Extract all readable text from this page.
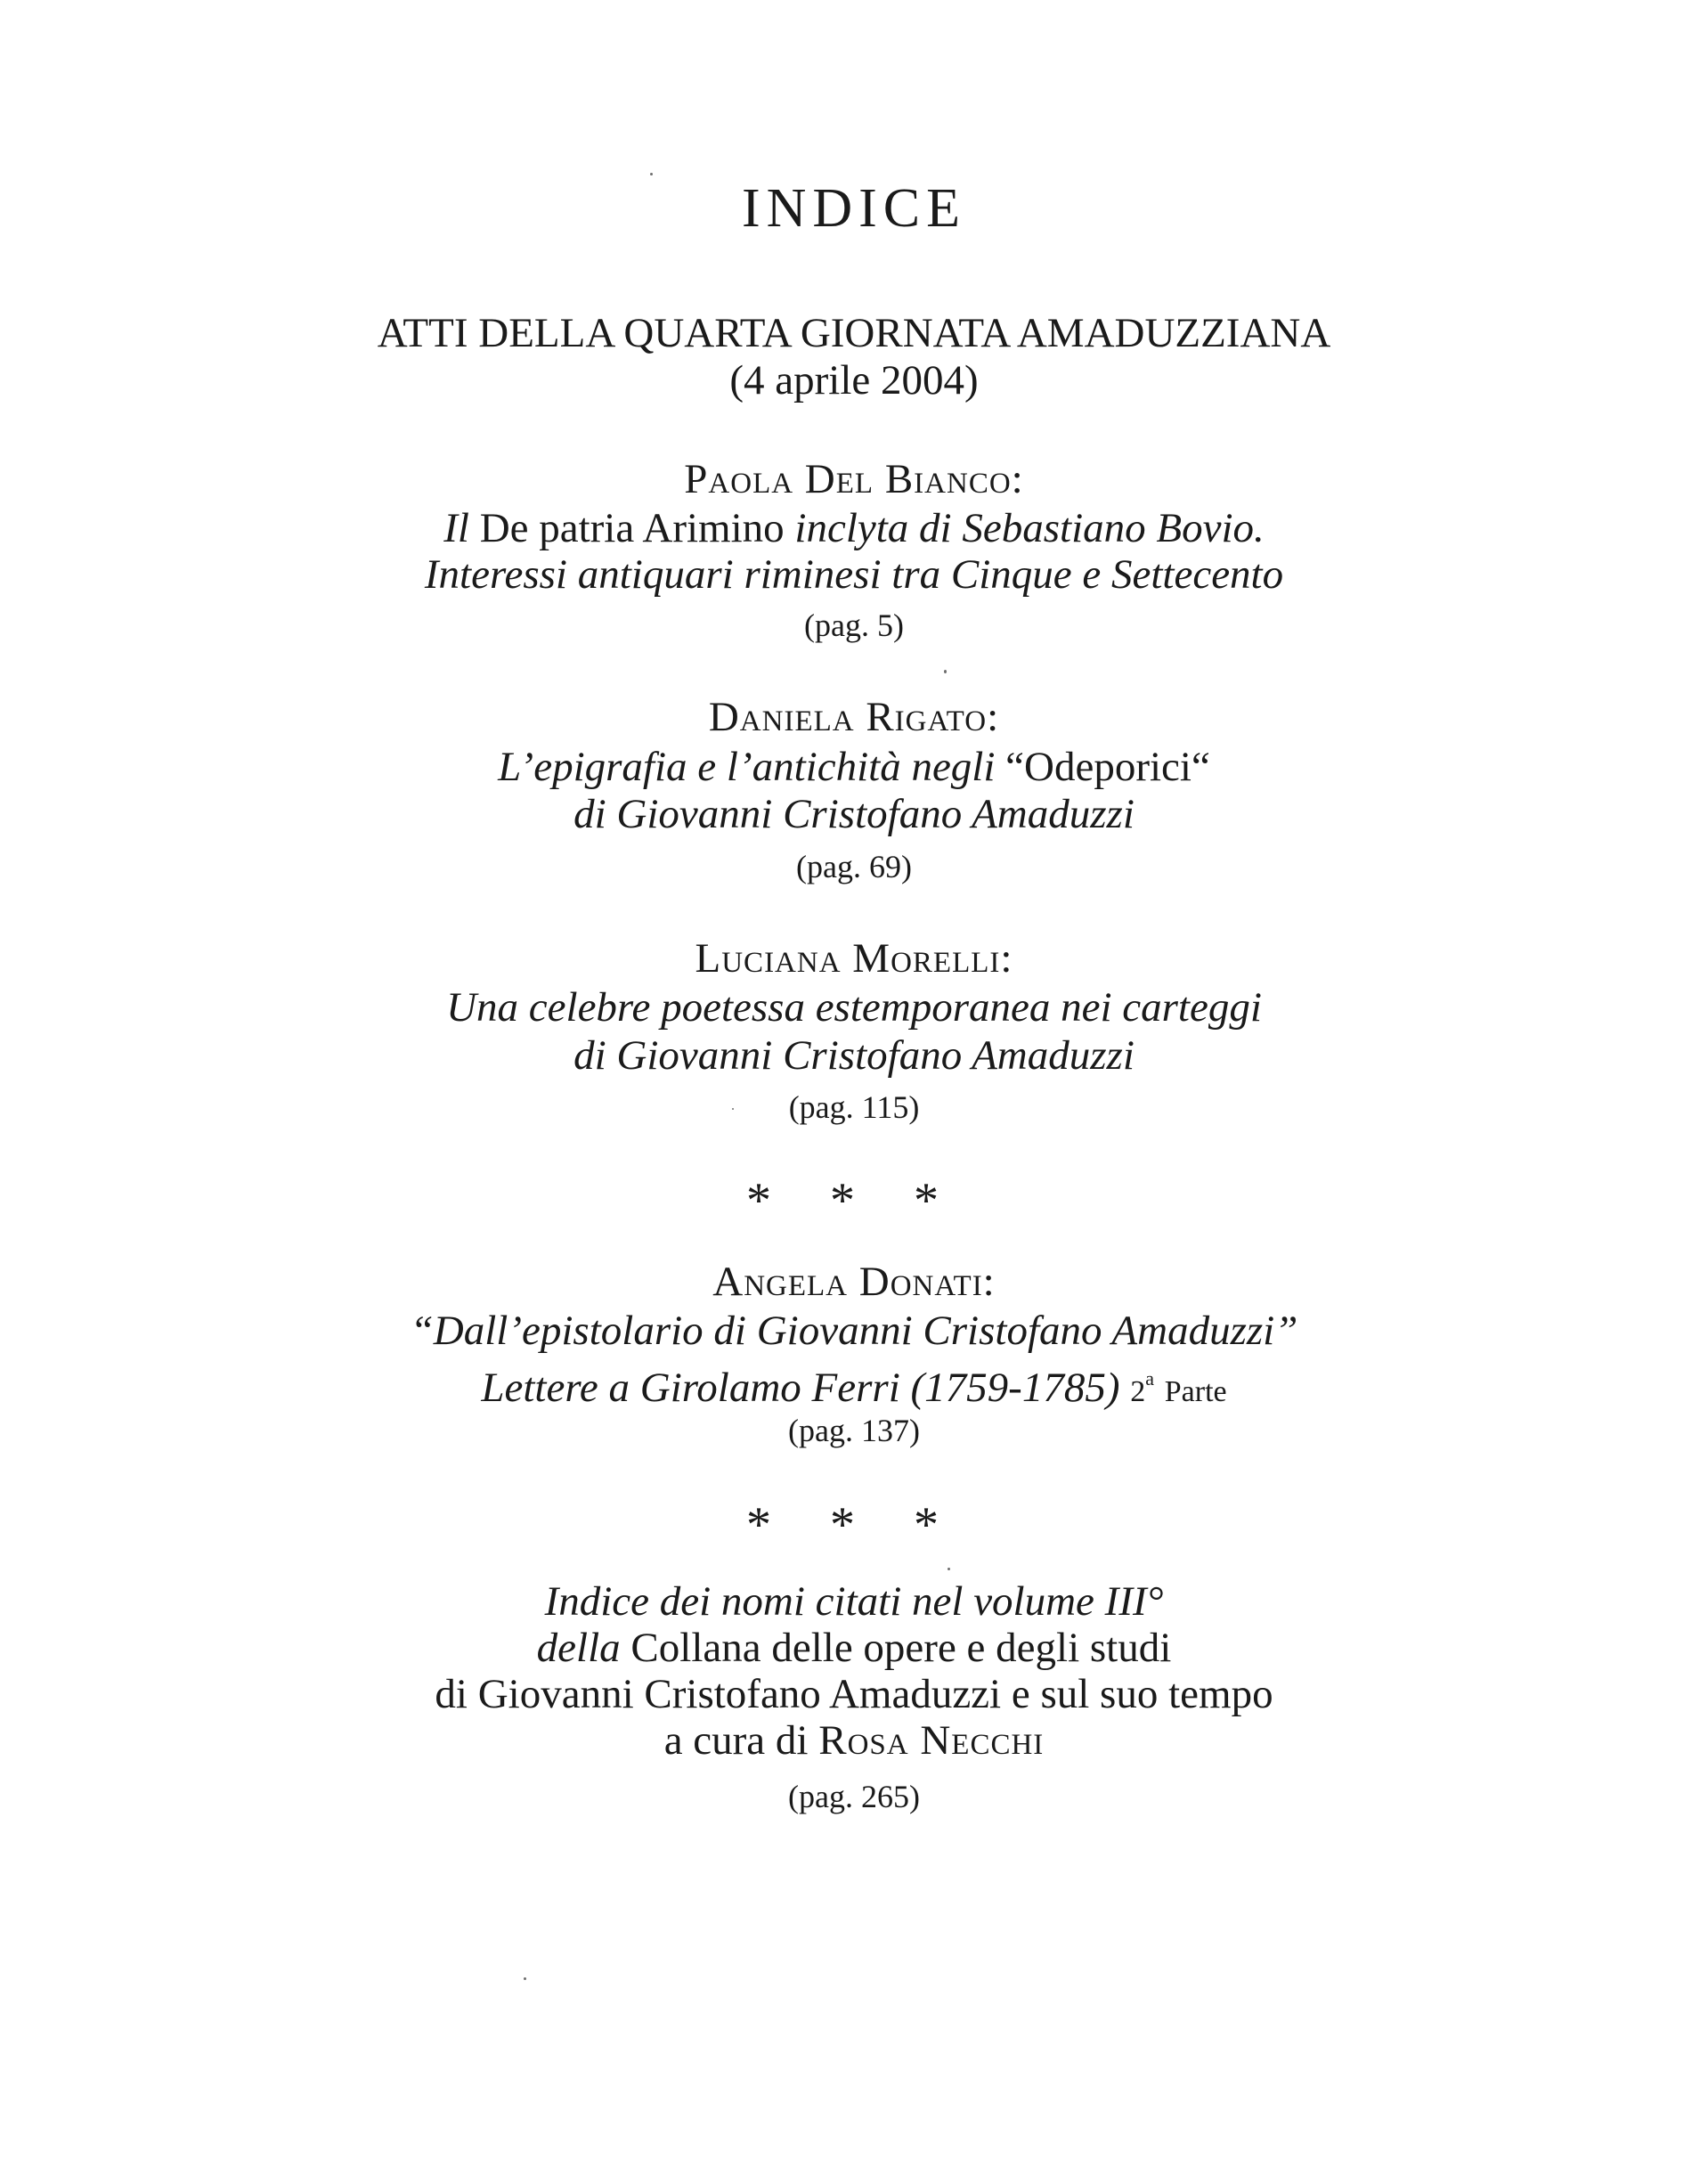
INDICE
ATTI DELLA QUARTA GIORNATA AMADUZZIANA
(4 aprile 2004)
Paola Del Bianco:
Il De patria Arimino inclyta di Sebastiano Bovio.
Interessi antiquari riminesi tra Cinque e Settecento
(pag. 5)
Daniela Rigato:
L’epigrafia e l’antichità negli “Odeporici“
di Giovanni Cristofano Amaduzzi
(pag. 69)
Luciana Morelli:
Una celebre poetessa estemporanea nei carteggi
di Giovanni Cristofano Amaduzzi
(pag. 115)
* * *
Angela Donati:
“Dall’epistolario di Giovanni Cristofano Amaduzzi”
Lettere a Girolamo Ferri (1759-1785) 2$^a$ Parte
(pag. 137)
* * *
Indice dei nomi citati nel volume III°
della Collana delle opere e degli studi
di Giovanni Cristofano Amaduzzi e sul suo tempo
a cura di Rosa Necchi
(pag. 265)
